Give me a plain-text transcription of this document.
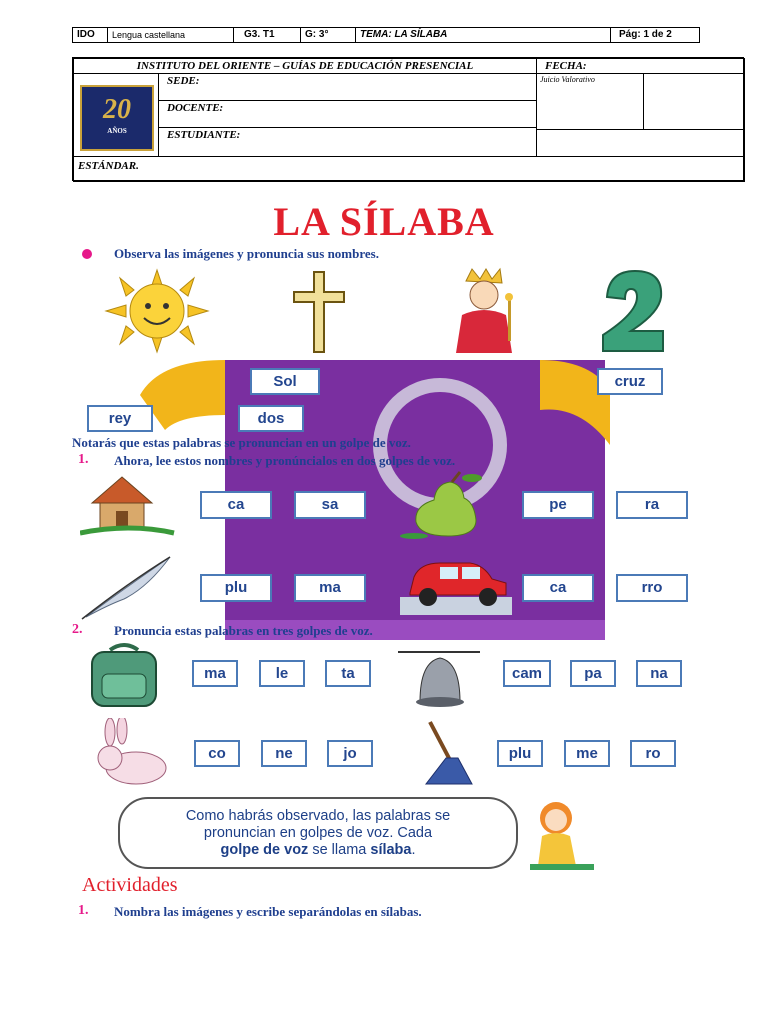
IDO	Lengua castellana	G3. T1	G: 3°	TEMA: LA SÍLABA	Pág: 1 de 2
INSTITUTO DEL ORIENTE – GUÍAS DE EDUCACIÓN PRESENCIAL
20
AÑOS
SEDE:
DOCENTE:
ESTUDIANTE:
FECHA:
Juicio Valorativo
ESTÁNDAR.
LA SÍLABA
Observa las imágenes y pronuncia sus nombres.
Sol	cruz
rey	dos
Notarás que estas palabras se pronuncian en un golpe de voz.
1. Ahora, lee estos nombres y pronúncialos en dos golpes de voz.
ca	sa	pe	ra
plu	ma	ca	rro
2. Pronuncia estas palabras en tres golpes de voz.
ma	le	ta	cam	pa	na
co	ne	jo	plu	me	ro
Como habrás observado, las palabras se
pronuncian en golpes de voz. Cada
golpe de voz se llama sílaba.
Actividades
1. Nombra las imágenes y escribe separándolas en sílabas.
